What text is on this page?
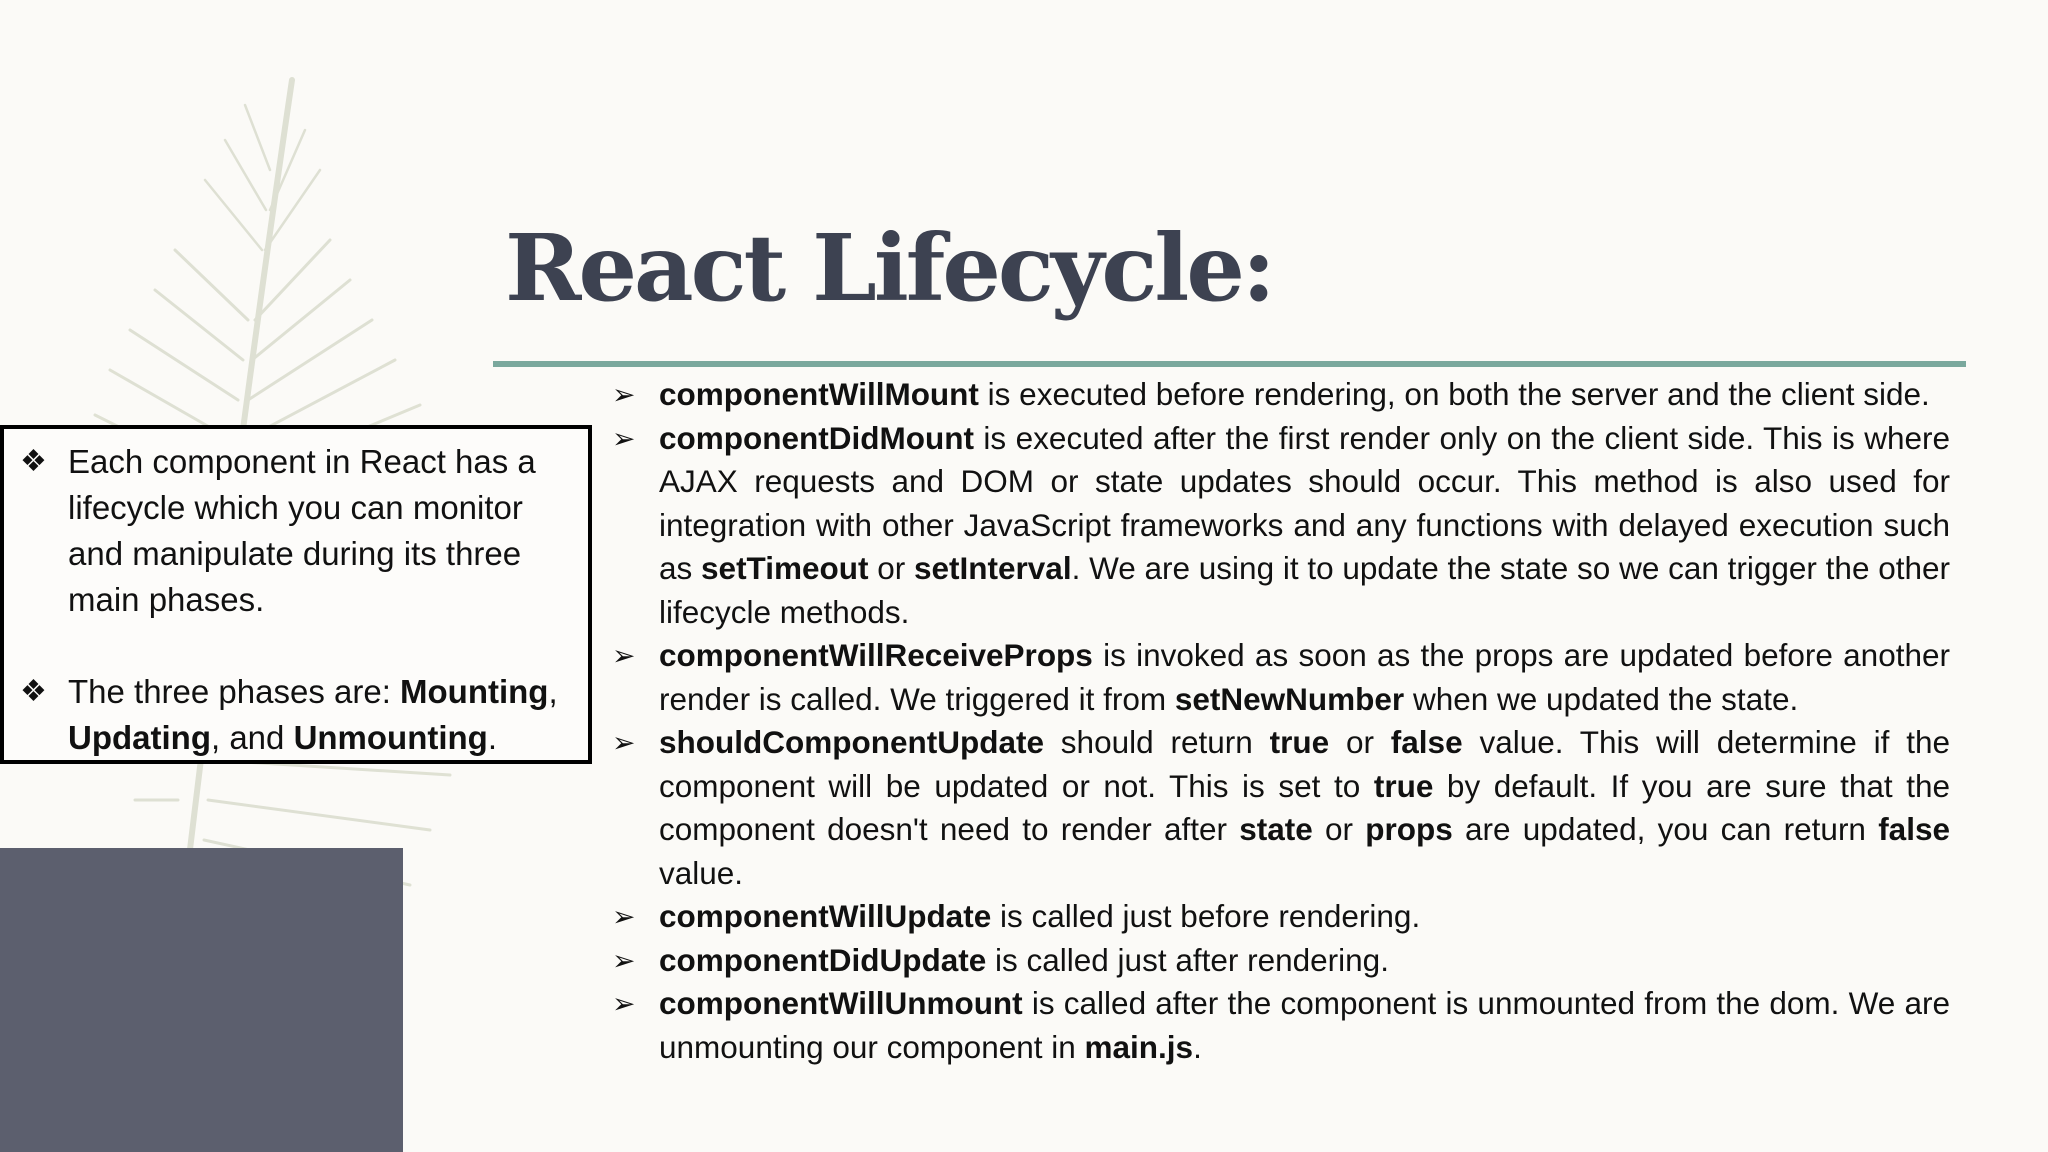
React Lifecycle:
❖ Each component in React has a lifecycle which you can monitor and manipulate during its three main phases.
❖ The three phases are: Mounting, Updating, and Unmounting.
➢ componentWillMount is executed before rendering, on both the server and the client side.
➢ componentDidMount is executed after the first render only on the client side. This is where AJAX requests and DOM or state updates should occur. This method is also used for integration with other JavaScript frameworks and any functions with delayed execution such as setTimeout or setInterval. We are using it to update the state so we can trigger the other lifecycle methods.
➢ componentWillReceiveProps is invoked as soon as the props are updated before another render is called. We triggered it from setNewNumber when we updated the state.
➢ shouldComponentUpdate should return true or false value. This will determine if the component will be updated or not. This is set to true by default. If you are sure that the component doesn't need to render after state or props are updated, you can return false value.
➢ componentWillUpdate is called just before rendering.
➢ componentDidUpdate is called just after rendering.
➢ componentWillUnmount is called after the component is unmounted from the dom. We are unmounting our component in main.js.
